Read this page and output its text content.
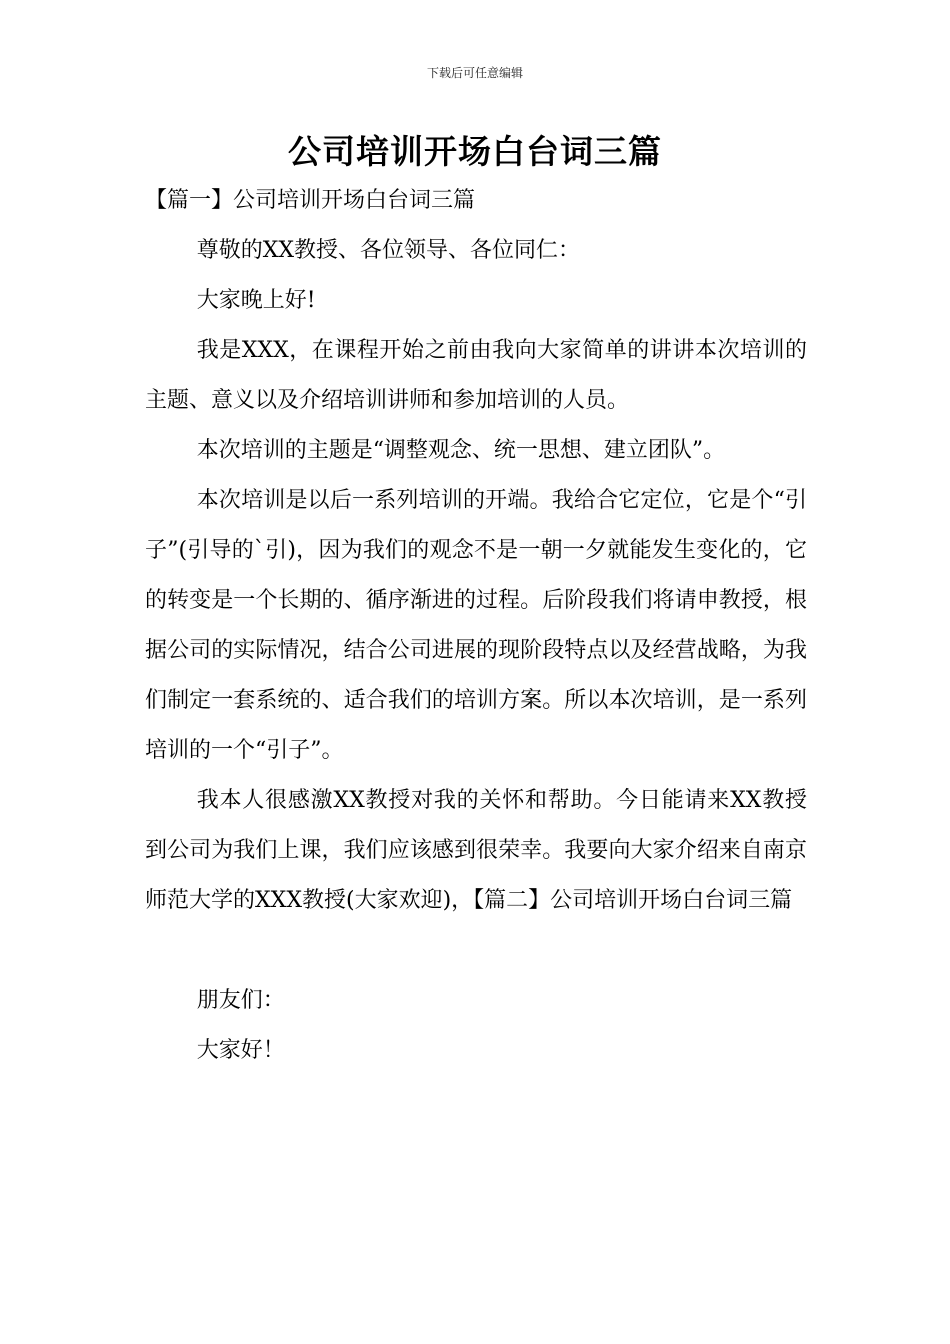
下载后可任意编辑
公司培训开场白台词三篇

【篇一】公司培训开场白台词三篇

尊敬的XX教授、各位领导、各位同仁：

大家晚上好!

我是XXX，在课程开始之前由我向大家简单的讲讲本次培训的主题、意义以及介绍培训讲师和参加培训的人员。

本次培训的主题是“调整观念、统一思想、建立团队”。

本次培训是以后一系列培训的开端。我给合它定位，它是个“引子”(引导的`引)，因为我们的观念不是一朝一夕就能发生变化的，它的转变是一个长期的、循序渐进的过程。后阶段我们将请申教授，根据公司的实际情况，结合公司进展的现阶段特点以及经营战略，为我们制定一套系统的、适合我们的培训方案。所以本次培训，是一系列培训的一个“引子”。

我本人很感激XX教授对我的关怀和帮助。今日能请来XX教授到公司为我们上课，我们应该感到很荣幸。我要向大家介绍来自南京师范大学的XXX教授(大家欢迎)，【篇二】公司培训开场白台词三篇

朋友们：

大家好！
